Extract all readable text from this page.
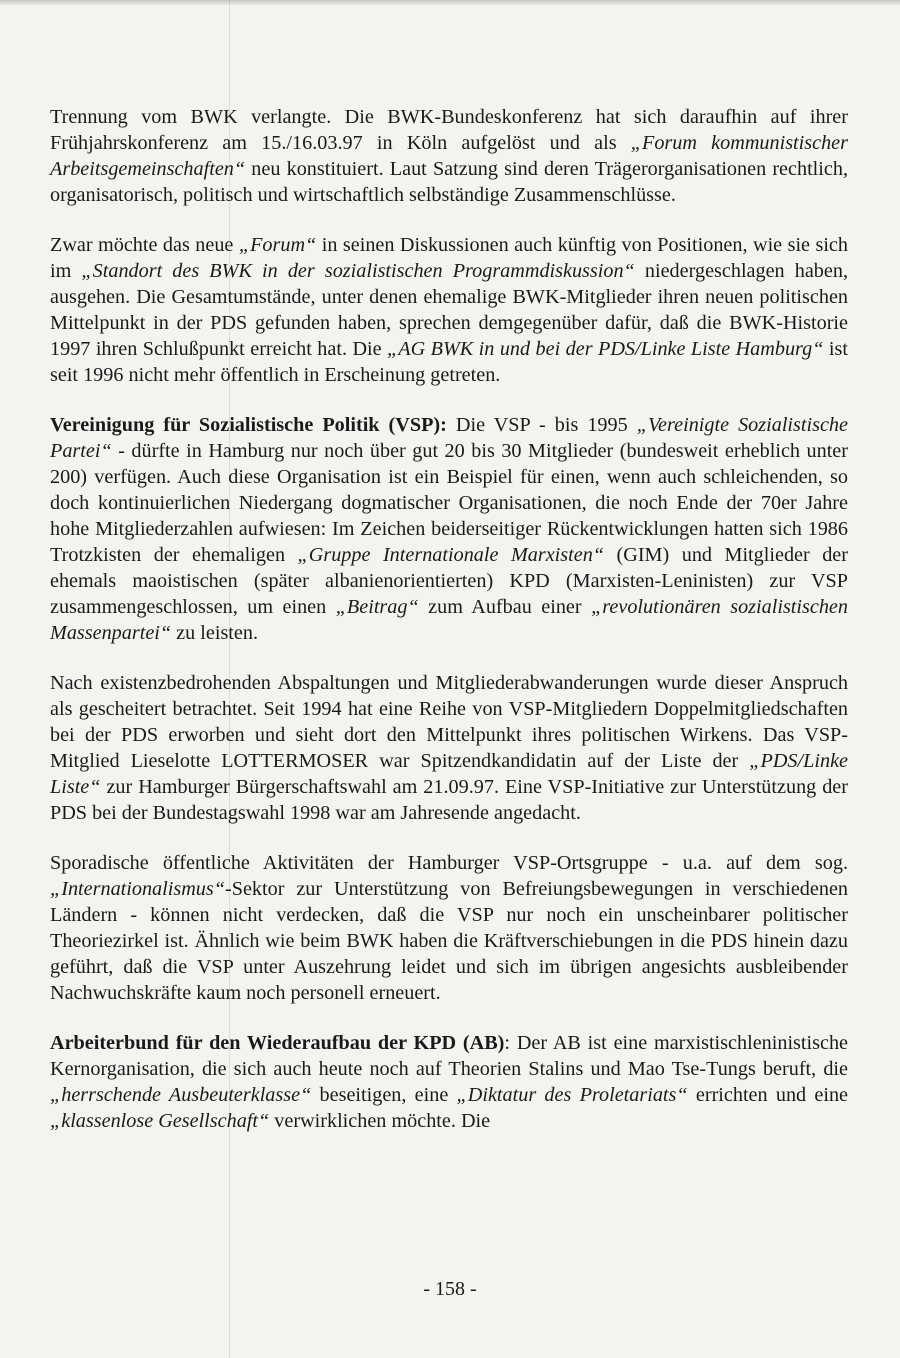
Trennung vom BWK verlangte. Die BWK-Bundeskonferenz hat sich daraufhin auf ihrer Frühjahrskonferenz am 15./16.03.97 in Köln aufgelöst und als „Forum kommunistischer Arbeitsgemeinschaften“ neu konstituiert. Laut Satzung sind deren Trägerorganisationen rechtlich, organisatorisch, politisch und wirtschaftlich selbständige Zusammenschlüsse.

Zwar möchte das neue „Forum“ in seinen Diskussionen auch künftig von Positionen, wie sie sich im „Standort des BWK in der sozialistischen Programmdiskussion“ niedergeschlagen haben, ausgehen. Die Gesamtumstände, unter denen ehemalige BWK-Mitglieder ihren neuen politischen Mittelpunkt in der PDS gefunden haben, sprechen demgegenüber dafür, daß die BWK-Historie 1997 ihren Schlußpunkt erreicht hat. Die „AG BWK in und bei der PDS/Linke Liste Hamburg“ ist seit 1996 nicht mehr öffentlich in Erscheinung getreten.

Vereinigung für Sozialistische Politik (VSP): Die VSP - bis 1995 „Vereinigte Sozialistische Partei“ - dürfte in Hamburg nur noch über gut 20 bis 30 Mitglieder (bundesweit erheblich unter 200) verfügen. Auch diese Organisation ist ein Beispiel für einen, wenn auch schleichenden, so doch kontinuierlichen Niedergang dogmatischer Organisationen, die noch Ende der 70er Jahre hohe Mitgliederzahlen aufwiesen: Im Zeichen beiderseitiger Rückentwicklungen hatten sich 1986 Trotzkisten der ehemaligen „Gruppe Internationale Marxisten“ (GIM) und Mitglieder der ehemals maoistischen (später albanienorientierten) KPD (Marxisten-Leninisten) zur VSP zusammengeschlossen, um einen „Beitrag“ zum Aufbau einer „revolutionären sozialistischen Massenpartei“ zu leisten.

Nach existenzbedrohenden Abspaltungen und Mitgliederabwanderungen wurde dieser Anspruch als gescheitert betrachtet. Seit 1994 hat eine Reihe von VSP-Mitgliedern Doppelmitgliedschaften bei der PDS erworben und sieht dort den Mittelpunkt ihres politischen Wirkens. Das VSP-Mitglied Lieselotte LOTTERMOSER war Spitzendkandidatin auf der Liste der „PDS/Linke Liste“ zur Hamburger Bürgerschaftswahl am 21.09.97. Eine VSP-Initiative zur Unterstützung der PDS bei der Bundestagswahl 1998 war am Jahresende angedacht.

Sporadische öffentliche Aktivitäten der Hamburger VSP-Ortsgruppe - u.a. auf dem sog. „Internationalismus“-Sektor zur Unterstützung von Befreiungsbewegungen in verschiedenen Ländern - können nicht verdecken, daß die VSP nur noch ein unscheinbarer politischer Theoriezirkel ist. Ähnlich wie beim BWK haben die Kräftverschiebungen in die PDS hinein dazu geführt, daß die VSP unter Auszehrung leidet und sich im übrigen angesichts ausbleibender Nachwuchskräfte kaum noch personell erneuert.

Arbeiterbund für den Wiederaufbau der KPD (AB): Der AB ist eine marxistischleninistische Kernorganisation, die sich auch heute noch auf Theorien Stalins und Mao Tse-Tungs beruft, die „herrschende Ausbeuterklasse“ beseitigen, eine „Diktatur des Proletariats“ errichten und eine „klassenlose Gesellschaft“ verwirklichen möchte. Die

- 158 -
